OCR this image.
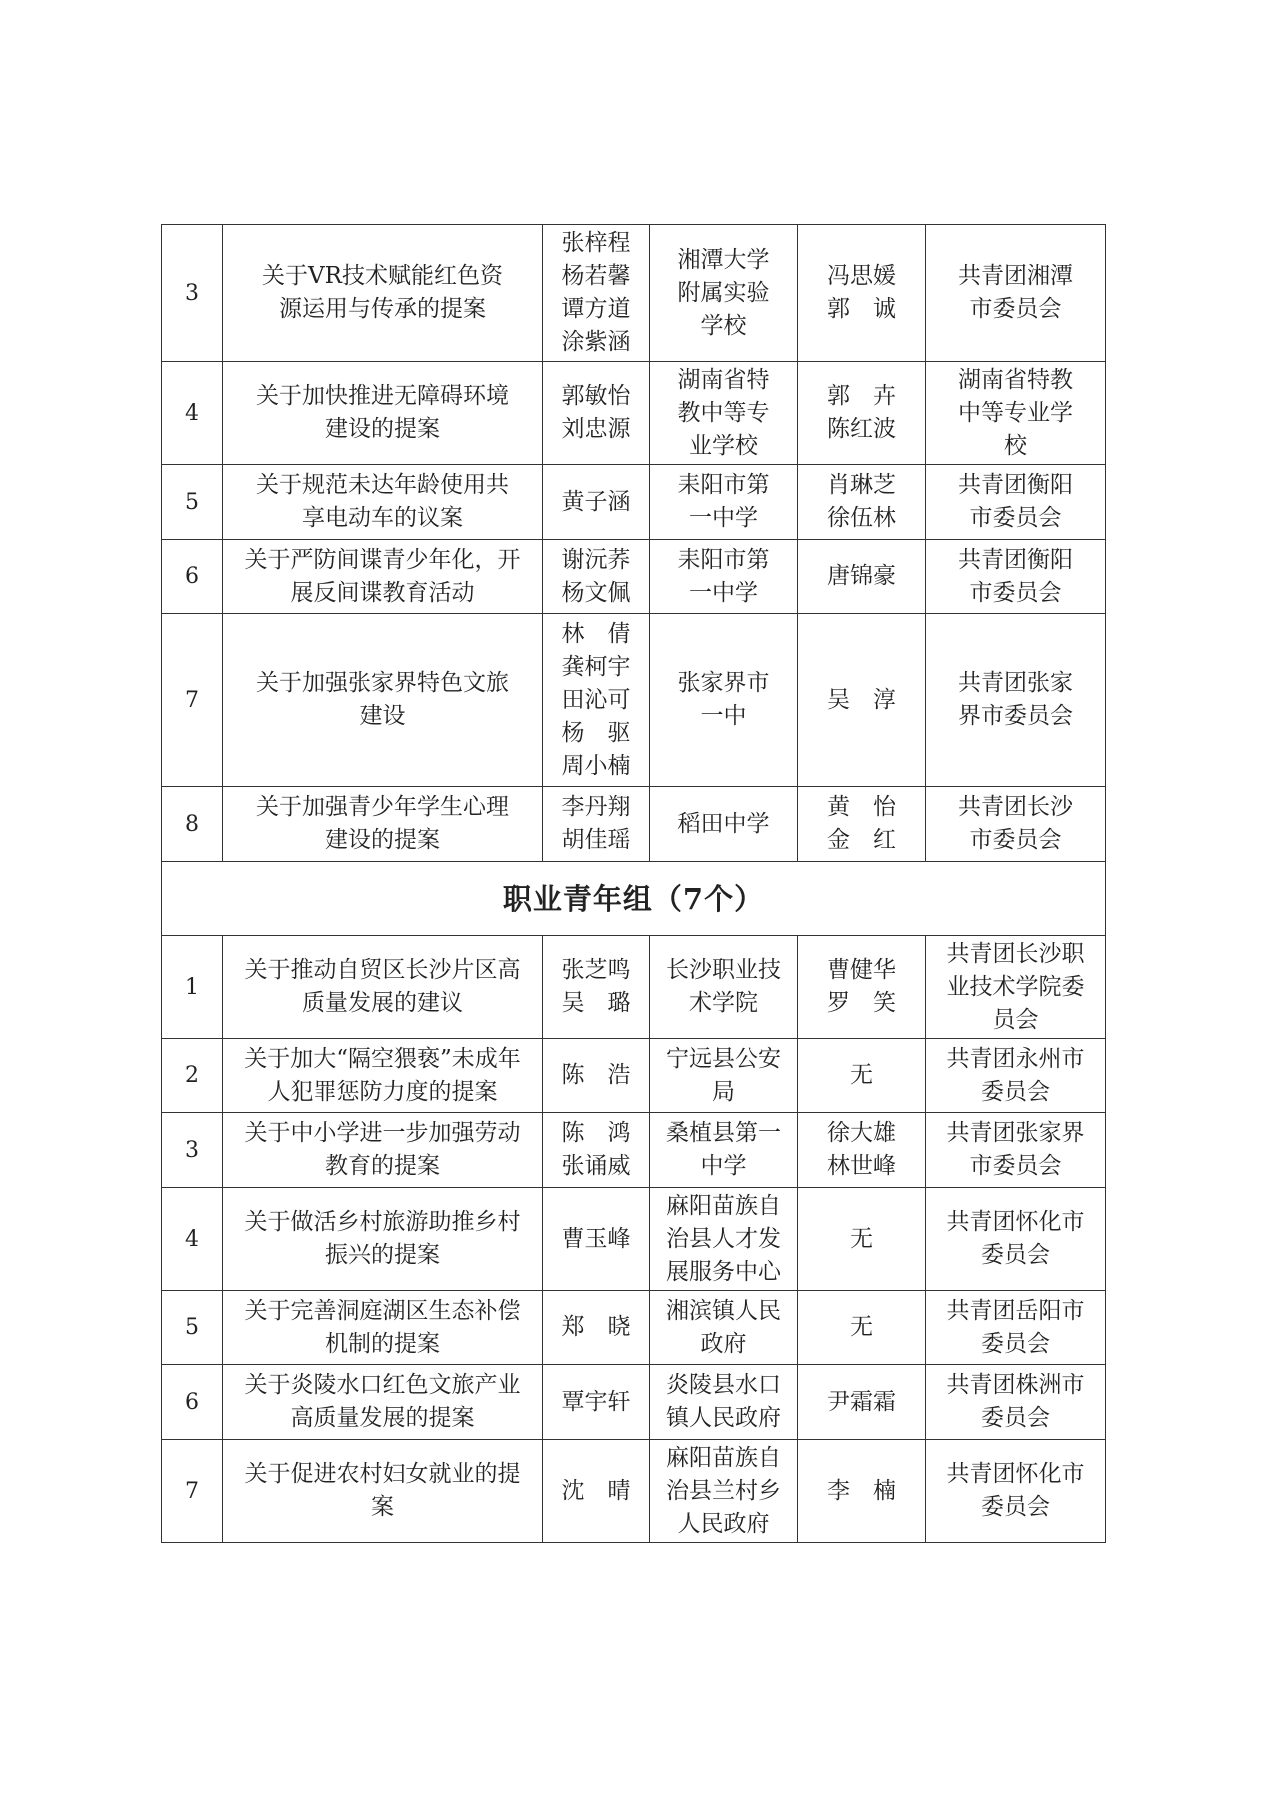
3	关于VR技术赋能红色资
源运用与传承的提案	张梓程
杨若馨
谭方道
涂紫涵	湘潭大学
附属实验
学校	冯思媛
郭　诚	共青团湘潭
市委员会

4	关于加快推进无障碍环境
建设的提案	郭敏怡
刘忠源	湖南省特
教中等专
业学校	郭　卉
陈红波	湖南省特教
中等专业学
校

5	关于规范未达年龄使用共
享电动车的议案	黄子涵	耒阳市第
一中学	肖琳芝
徐伍林	共青团衡阳
市委员会

6	关于严防间谍青少年化，开
展反间谍教育活动	谢沅荞
杨文佩	耒阳市第
一中学	唐锦豪	共青团衡阳
市委员会

7	关于加强张家界特色文旅
建设	林　倩
龚柯宇
田沁可
杨　驱
周小楠	张家界市
一中	吴　淳	共青团张家
界市委员会

8	关于加强青少年学生心理
建设的提案	李丹翔
胡佳瑶	稻田中学	黄　怡
金　红	共青团长沙
市委员会

职业青年组（7个）					
1	关于推动自贸区长沙片区高
质量发展的建议	张芝鸣
吴　璐	长沙职业技
术学院	曹健华
罗　笑	共青团长沙职
业技术学院委
员会

2	关于加大“隔空猥亵”未成年
人犯罪惩防力度的提案	陈　浩	宁远县公安
局	无	共青团永州市
委员会

3	关于中小学进一步加强劳动
教育的提案	陈　鸿
张诵威	桑植县第一
中学	徐大雄
林世峰	共青团张家界
市委员会

4	关于做活乡村旅游助推乡村
振兴的提案	曹玉峰	麻阳苗族自
治县人才发
展服务中心	无	共青团怀化市
委员会

5	关于完善洞庭湖区生态补偿
机制的提案	郑　晓	湘滨镇人民
政府	无	共青团岳阳市
委员会

6	关于炎陵水口红色文旅产业
高质量发展的提案	覃宇轩	炎陵县水口
镇人民政府	尹霜霜	共青团株洲市
委员会

7	关于促进农村妇女就业的提
案	沈　晴	麻阳苗族自
治县兰村乡
人民政府	李　楠	共青团怀化市
委员会
